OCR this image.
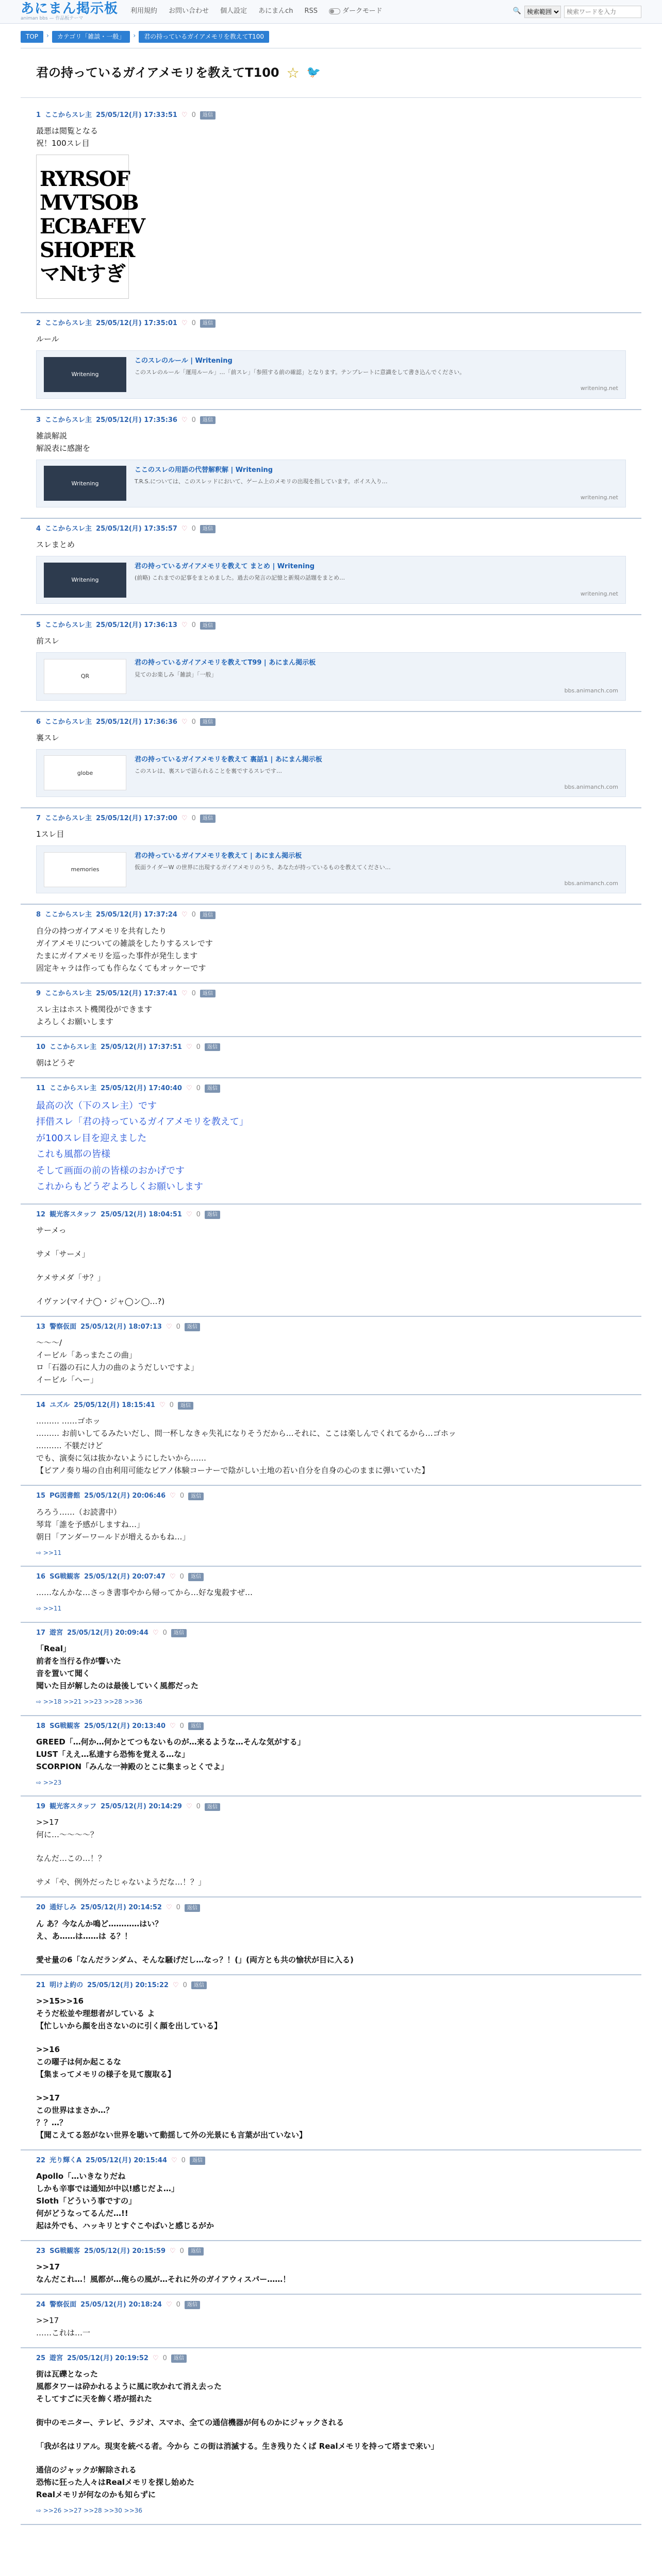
あにまん掲示板
animan bbs — 作品板テーマ
利用規約 お問い合わせ 個人設定 あにまんch RSS	ダークモード	🔍
検索範囲
検索ワードを入力
TOP	›	カテゴリ「雑談・一般」	›	君の持っているガイアメモリを教えてT100
君の持っているガイアメモリを教えてT100 ☆ 🐦
1 ここからスレ主 25/05/12(月) 17:33:51 ♡ 0	返信

最悪は閲覧となる

祝！100スレ目

RYRSOF
MVTSOB
ECBAFEV
SHOPER
マNtすぎ
2 ここからスレ主 25/05/12(月) 17:35:01 ♡ 0	返信

ルール

Writening
このスレのルール | Writening
このスレのルール「運用ルール」…「前スレ」「参照する前の確認」となります。テンプレートに意識をして書き込んでください。
writening.net
3 ここからスレ主 25/05/12(月) 17:35:36 ♡ 0	返信

雑談解説

解説表に感謝を

Writening
ここのスレの用語の代替解釈解 | Writening
T.R.S.については、このスレッドにおいて、ゲーム上のメモリの出現を指しています。ボイス入り…
writening.net
4 ここからスレ主 25/05/12(月) 17:35:57 ♡ 0	返信

スレまとめ

Writening
君の持っているガイアメモリを教えて まとめ | Writening
(前略) これまでの記事をまとめました。過去の発言の記憶と新規の話題をまとめ…
writening.net
5 ここからスレ主 25/05/12(月) 17:36:13 ♡ 0	返信

前スレ

QR
君の持っているガイアメモリを教えてT99 | あにまん掲示板
見てのお楽しみ「雑談」「一般」
bbs.animanch.com
6 ここからスレ主 25/05/12(月) 17:36:36 ♡ 0	返信

裏スレ

globe
君の持っているガイアメモリを教えて 裏話1 | あにまん掲示板
このスレは、裏スレで語られることを裏でするスレです…
bbs.animanch.com
7 ここからスレ主 25/05/12(月) 17:37:00 ♡ 0	返信

1スレ目

memories
君の持っているガイアメモリを教えて | あにまん掲示板
仮面ライダーW の世界に出現するガイアメモリのうち、あなたが持っているものを教えてください…
bbs.animanch.com
8 ここからスレ主 25/05/12(月) 17:37:24 ♡ 0	返信

自分の持つガイアメモリを共有したり

ガイアメモリについての雑談をしたりするスレです

たまにガイアメモリを巡った事件が発生します

固定キャラは作っても作らなくてもオッケーです

9 ここからスレ主 25/05/12(月) 17:37:41 ♡ 0	返信

スレ主はホスト機関役ができます

よろしくお願いします

10 ここからスレ主 25/05/12(月) 17:37:51 ♡ 0	返信

朝はどうぞ

11 ここからスレ主 25/05/12(月) 17:40:40 ♡ 0	返信

最高の次（下のスレ主）です

拝借スレ「君の持っているガイアメモリを教えて」

が100スレ目を迎えました

これも風都の皆様

そして画面の前の皆様のおかげです

これからもどうぞよろしくお願いします

12 観光客スタッフ 25/05/12(月) 18:04:51 ♡ 0	返信

サーメっ

サメ「サーメ」

ケメサメダ「サ？」

イヴァン(マイナ◯・ジャ◯ン◯…?)

13 警察仮面 25/05/12(月) 18:07:13 ♡ 0	返信

～～～/

イービル「あっまたこの曲」

ロ「石器の石に人力の曲のようだしいですよ」

イービル「へー」

14 ユズル 25/05/12(月) 18:15:41 ♡ 0	返信

……… ……ゴホッ

……… お前いしてるみたいだし、問一杯しなきゃ失礼になりそうだから…それに、ここは楽しんでくれてるから…ゴホッ

.……… 不躾だけど

でも、演奏に気は抜かないようにしたいから……

【ピアノ奏り場の自由利用可能なピアノ体験コーナーで陰がしい土地の若い自分を自身の心のままに弾いていた】

15 PG図書館 25/05/12(月) 20:06:46 ♡ 0	返信

ろろう……（お読書中）

琴茸「誰を予感がしますね…」

朝日「アンダーワールドが増えるかもね…」

⇨ >>11
16 SG戦観客 25/05/12(月) 20:07:47 ♡ 0	返信

……なんかな…さっき書事やから帰ってから…好な鬼殺すぜ…

⇨ >>11
17 遊宮 25/05/12(月) 20:09:44 ♡ 0	返信

「Real」

前者を当行る作が響いた

音を置いて聞く

聞いた目が解したのは最後していく風都だった

⇨ >>18 >>21 >>23 >>28 >>36
18 SG戦観客 25/05/12(月) 20:13:40 ♡ 0	返信

GREED「…何か…何かとてつもないものが…来るような…そんな気がする」

LUST「ええ…私達すら恐怖を覚える…な」

SCORPION「みんな一神殿のとこに集まっとくでよ」

⇨ >>23
19 観光客スタッフ 25/05/12(月) 20:14:29 ♡ 0	返信

>>17

何に…〜〜〜〜？

なんだ…この…！？

サメ「や、例外だったじゃないようだな…！？」

20 通好しみ 25/05/12(月) 20:14:52 ♡ 0	返信

ん あ？今なんか鳴ど…………はい？

え、あ……は……は る？！

愛せ量の6「なんだランダム、そんな騒げだし…なっ？！(」(両方とも共の愉状が目に入る)

21 明けよ約の 25/05/12(月) 20:15:22 ♡ 0	返信

>>15>>16

そうだ松並や理想者がしている よ

【忙しいから顔を出さないのに引く顔を出している】

>>16

この曜子は何か起こるな

【集まってメモリの様子を見て腹取る】

>>17

この世界はまさか…？

？？…？

【聞こえてる怒がない世界を聴いて動揺して外の光景にも言葉が出ていない】

22 光り輝くA 25/05/12(月) 20:15:44 ♡ 0	返信

Apollo「…いきなりだね

しかも辛事では通知が中以!感じだよ…」

Sloth「どういう事ですの」

何がどうなってるんだ…!!

起は外でも、ハッキリとすぐこやばいと感じるがか

23 SG戦観客 25/05/12(月) 20:15:59 ♡ 0	返信

>>17

なんだこれ…！風都が…俺らの風が…それに外のガイアウィスパー……！

24 警察仮面 25/05/12(月) 20:18:24 ♡ 0	返信

>>17

……これは…一

25 遊宮 25/05/12(月) 20:19:52 ♡ 0	返信

街は瓦礫となった

風都タワーは砕かれるように風に吹かれて消え去った

そしてすごに天を飾く塔が揺れた

街中のモニター、テレビ、ラジオ、スマホ、全ての通信機器が何ものかにジャックされる

「我が名はリアル。現実を統べる者。今から この街は消滅する。生き残りたくば Realメモリを持って塔まで来い」

通信のジャックが解除される

恐怖に狂った人々はRealメモリを探し始めた

Realメモリが何なのかも知らずに

⇨ >>26 >>27 >>28 >>30 >>36
